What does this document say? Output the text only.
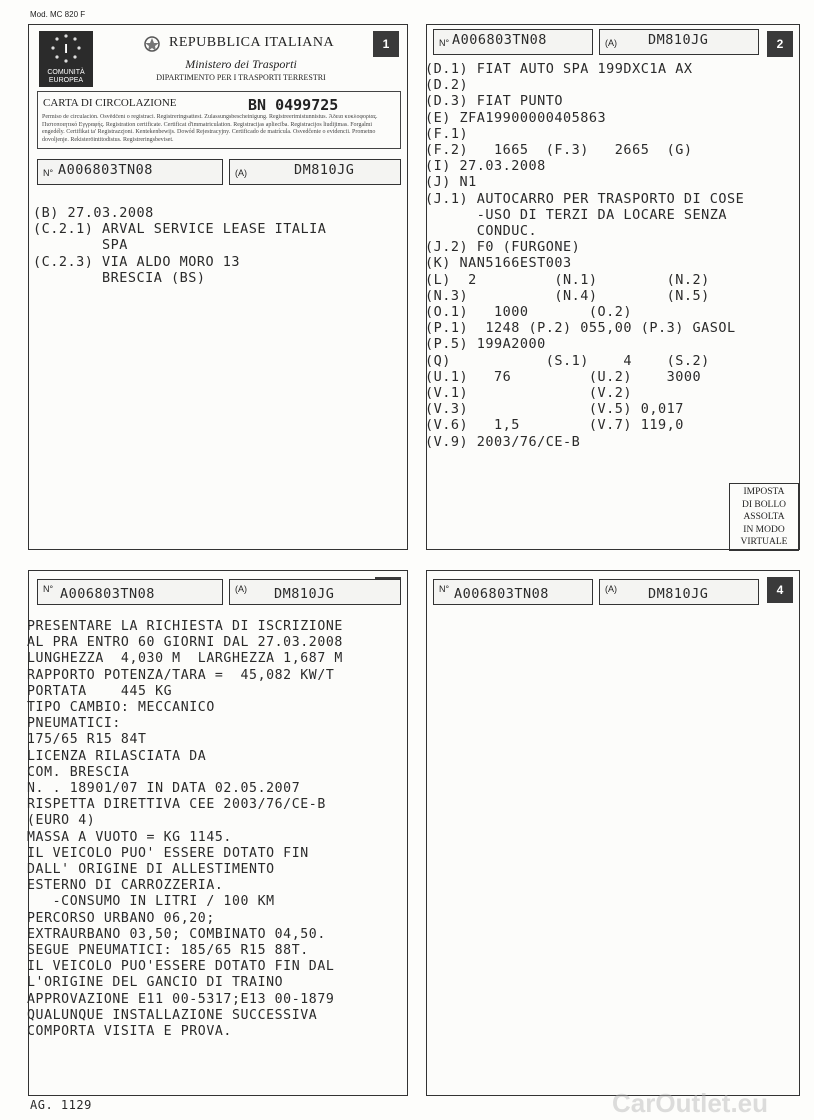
Mod. MC 820 F
1
I
COMUNITÀ
EUROPEA
REPUBBLICA ITALIANA
Ministero dei Trasporti
DIPARTIMENTO PER I TRASPORTI TERRESTRI
CARTA DI CIRCOLAZIONE	BN 0499725
Permiso de circulación. Osvědčení o registraci. Registreringsattest. Zulassungsbescheinigung. Registreerimistunnistus. Άδεια κυκλοφορίας. Πιστοποιητικό Εγγραφής. Registration certificate. Certificat d'immatriculation. Registracijas apliecība. Registracijos liudijimas. Forgalmi engedély. Certifikat ta' Registrazzjoni. Kentekenbewijs. Dowód Rejestracyjny. Certificado de matrícula. Osvedčenie o evidencii. Prometno dovoljenje. Rekisteröintitodistus. Registreringsbeviset.
N° A006803TN08	(A)	DM810JG
(B) 27.03.2008
(C.2.1) ARVAL SERVICE LEASE ITALIA
SPA
(C.2.3) VIA ALDO MORO 13
BRESCIA (BS)
2
N° A006803TN08	(A) DM810JG
(D.1) FIAT AUTO SPA 199DXC1A AX
(D.2)
(D.3) FIAT PUNTO
(E) ZFA19900000405863
(F.1)
(F.2)   1665  (F.3)   2665  (G)
(I) 27.03.2008
(J) N1
(J.1) AUTOCARRO PER TRASPORTO DI COSE
-USO DI TERZI DA LOCARE SENZA
CONDUC.
(J.2) F0 (FURGONE)
(K) NAN5166EST003
(L)  2         (N.1)        (N.2)
(N.3)          (N.4)        (N.5)
(O.1)   1000       (O.2)
(P.1)  1248 (P.2) 055,00 (P.3) GASOL
(P.5) 199A2000
(Q)           (S.1)    4    (S.2)
(U.1)   76         (U.2)    3000
(V.1)              (V.2)
(V.3)              (V.5) 0,017
(V.6)   1,5        (V.7) 119,0
(V.9) 2003/76/CE-B
IMPOSTA
DI BOLLO
ASSOLTA
IN MODO
VIRTUALE
N° A006803TN08	(A) DM810JG
PRESENTARE LA RICHIESTA DI ISCRIZIONE
AL PRA ENTRO 60 GIORNI DAL 27.03.2008
LUNGHEZZA  4,030 M  LARGHEZZA 1,687 M
RAPPORTO POTENZA/TARA =  45,082 KW/T
PORTATA    445 KG
TIPO CAMBIO: MECCANICO
PNEUMATICI:
175/65 R15 84T
LICENZA RILASCIATA DA
COM. BRESCIA
N. . 18901/07 IN DATA 02.05.2007
RISPETTA DIRETTIVA CEE 2003/76/CE-B
(EURO 4)
MASSA A VUOTO = KG 1145.
IL VEICOLO PUO' ESSERE DOTATO FIN
DALL' ORIGINE DI ALLESTIMENTO
ESTERNO DI CARROZZERIA.
-CONSUMO IN LITRI / 100 KM
PERCORSO URBANO 06,20;
EXTRAURBANO 03,50; COMBINATO 04,50.
SEGUE PNEUMATICI: 185/65 R15 88T.
IL VEICOLO PUO'ESSERE DOTATO FIN DAL
L'ORIGINE DEL GANCIO DI TRAINO
APPROVAZIONE E11 00-5317;E13 00-1879
QUALUNQUE INSTALLAZIONE SUCCESSIVA
COMPORTA VISITA E PROVA.
4
N° A006803TN08	(A) DM810JG
AG. 1129	CarOutlet.eu
